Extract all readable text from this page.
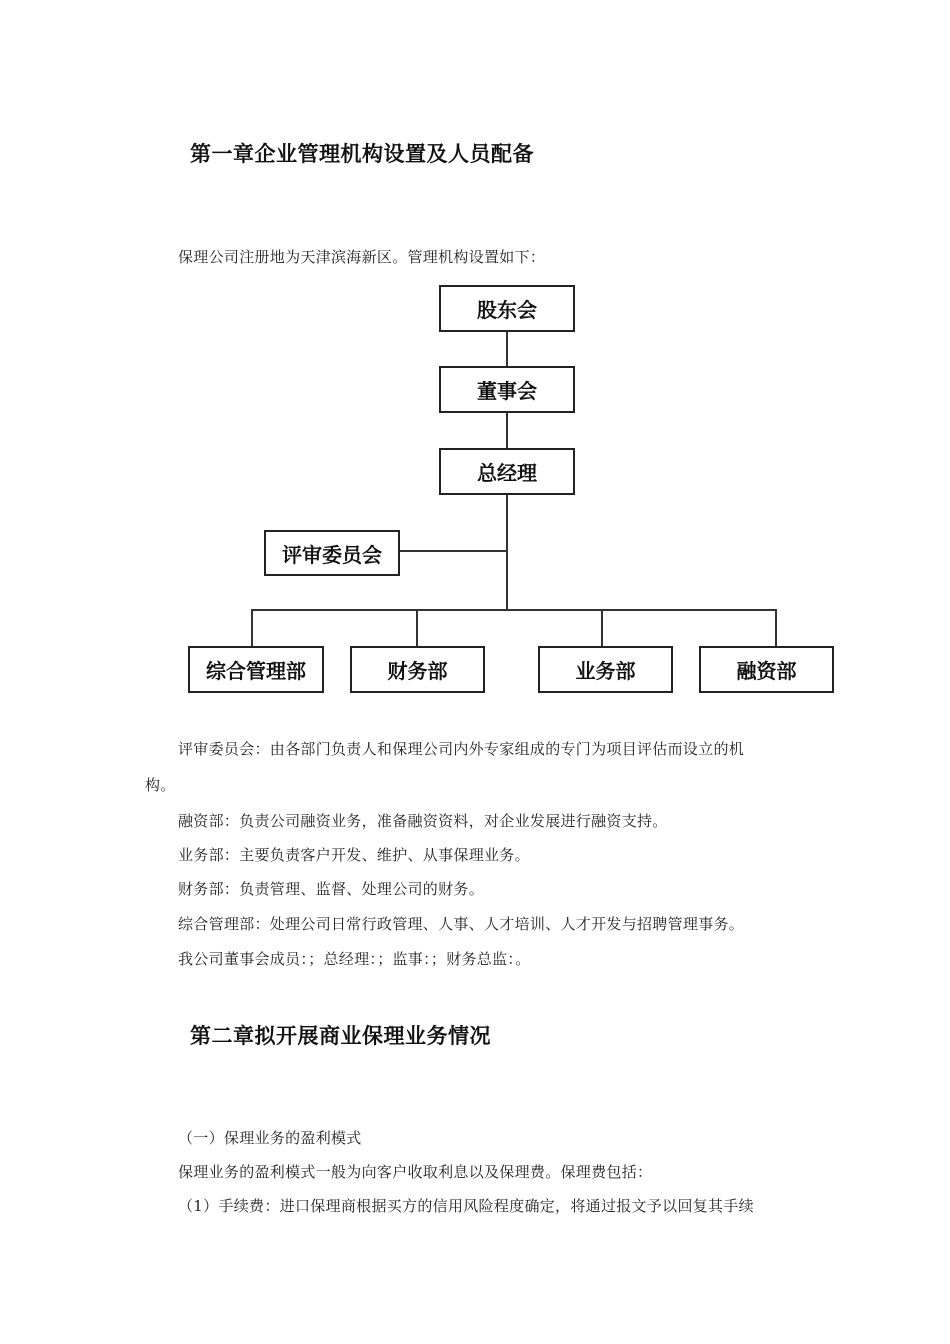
第一章企业管理机构设置及人员配备
保理公司注册地为天津滨海新区。管理机构设置如下：
股东会
董事会
总经理
评审委员会
综合管理部	财务部	业务部	融资部
评审委员会：由各部门负责人和保理公司内外专家组成的专门为项目评估而设立的机
构。
融资部：负责公司融资业务，准备融资资料，对企业发展进行融资支持。
业务部：主要负责客户开发、维护、从事保理业务。
财务部：负责管理、监督、处理公司的财务。
综合管理部：处理公司日常行政管理、人事、人才培训、人才开发与招聘管理事务。
我公司董事会成员：；总经理：；监事：；财务总监：。
第二章拟开展商业保理业务情况
（一）保理业务的盈利模式
保理业务的盈利模式一般为向客户收取利息以及保理费。保理费包括：
（1）手续费：进口保理商根据买方的信用风险程度确定，将通过报文予以回复其手续
